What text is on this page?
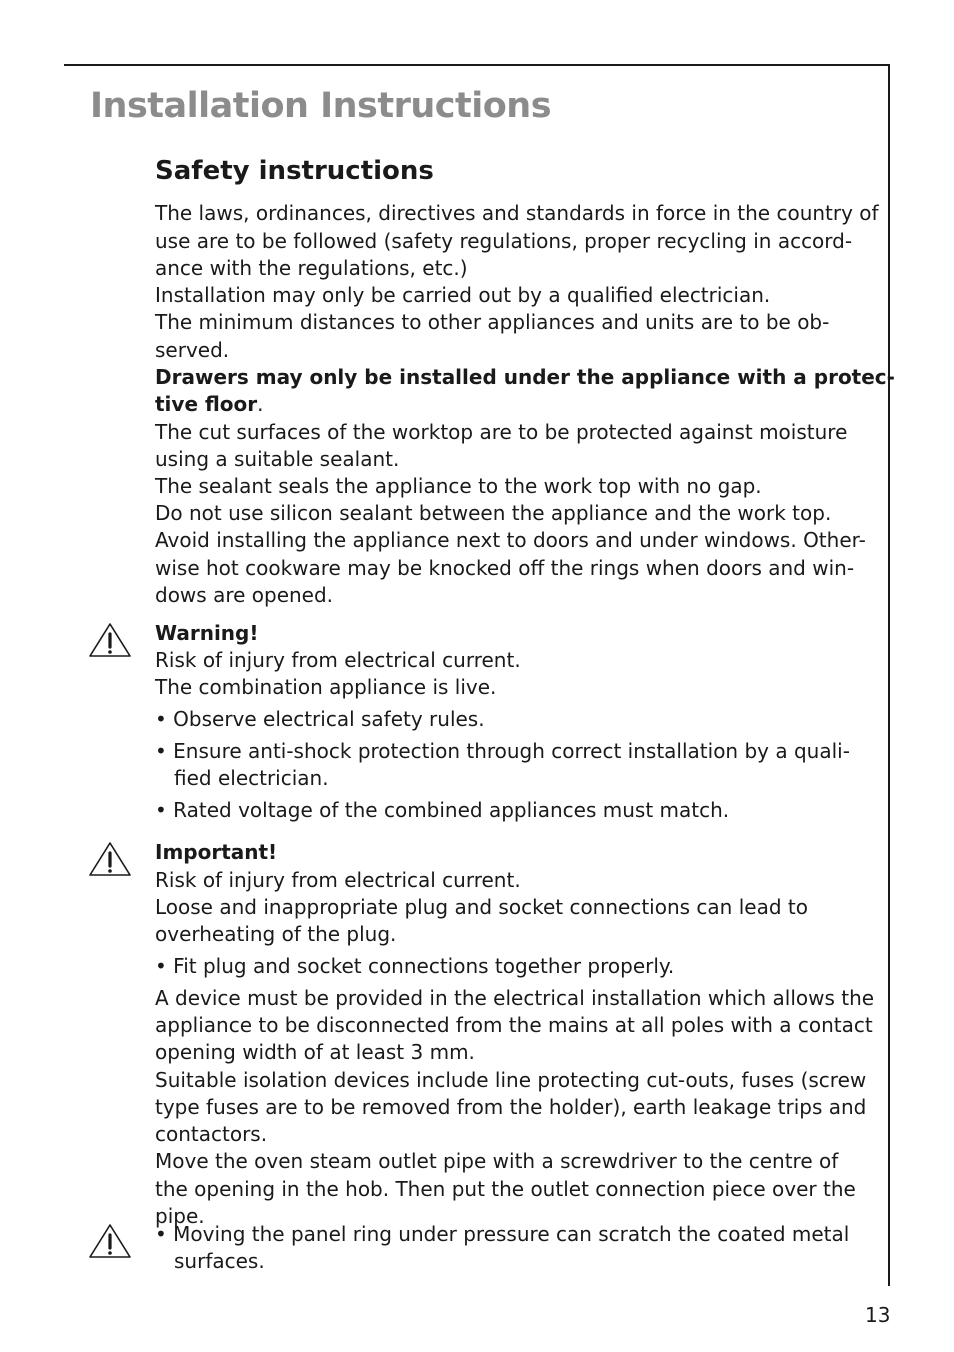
Installation Instructions
Safety instructions
The laws, ordinances, directives and standards in force in the country of
use are to be followed (safety regulations, proper recycling in accord-
ance with the regulations, etc.)
Installation may only be carried out by a qualified electrician.
The minimum distances to other appliances and units are to be ob-
served.
Drawers may only be installed under the appliance with a protec-
tive floor.
The cut surfaces of the worktop are to be protected against moisture
using a suitable sealant.
The sealant seals the appliance to the work top with no gap.
Do not use silicon sealant between the appliance and the work top.
Avoid installing the appliance next to doors and under windows. Other-
wise hot cookware may be knocked off the rings when doors and win-
dows are opened.
Warning!
Risk of injury from electrical current.
The combination appliance is live.
• Observe electrical safety rules.
• Ensure anti-shock protection through correct installation by a quali-
fied electrician.
• Rated voltage of the combined appliances must match.
Important!
Risk of injury from electrical current.
Loose and inappropriate plug and socket connections can lead to
overheating of the plug.
• Fit plug and socket connections together properly.
A device must be provided in the electrical installation which allows the
appliance to be disconnected from the mains at all poles with a contact
opening width of at least 3 mm.
Suitable isolation devices include line protecting cut-outs, fuses (screw
type fuses are to be removed from the holder), earth leakage trips and
contactors.
Move the oven steam outlet pipe with a screwdriver to the centre of
the opening in the hob. Then put the outlet connection piece over the
pipe.
• Moving the panel ring under pressure can scratch the coated metal
surfaces.
13
